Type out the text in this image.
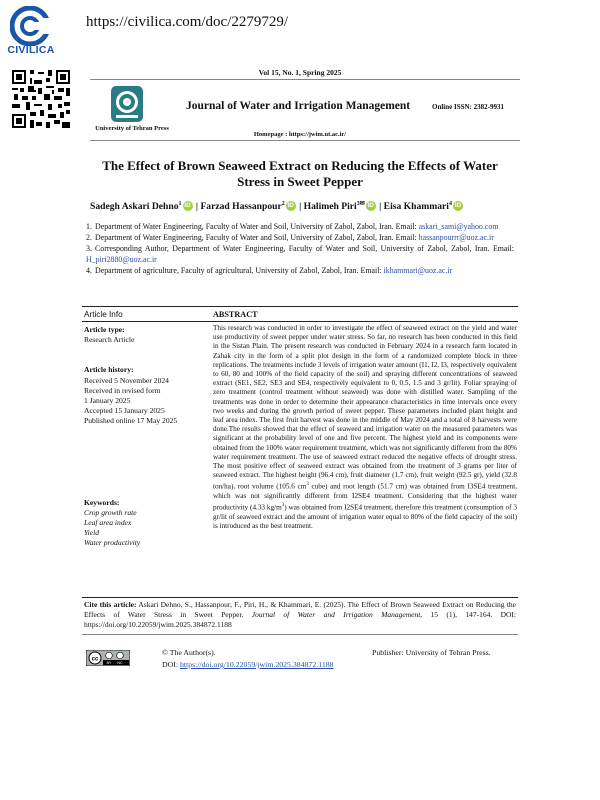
CIVILICA
https://civilica.com/doc/2279729/
Vol 15, No. 1, Spring 2025
University of Tehran Press
Journal of Water and Irrigation Management	Online ISSN: 2382-9931
Homepage : https://jwim.ut.ac.ir/
The Effect of Brown Seaweed Extract on Reducing the Effects of Water Stress in Sweet Pepper
Sadegh Askari Dehno$^1$ iD | Farzad Hassanpour$^2$ iD | Halimeh Piri$^{3✉}$ iD | Eisa Khammari$^4$ iD
1. Department of Water Engineering, Faculty of Water and Soil, University of Zabol, Zabol, Iran. Email: askari_sami@yahoo.com
2. Department of Water Engineering, Faculty of Water and Soil, University of Zabol, Zabol, Iran. Email: hassanpourrr@uoz.ac.ir
3. Corresponding Author, Department of Water Engineering, Faculty of Water and Soil, University of Zabol, Zabol, Iran. Email: H_piri2880@uoz.ac.ir
4. Department of agriculture, Faculty of agricultural, University of Zabol, Zabol, Iran. Email: ikhammari@uoz.ac.ir
Article Info	ABSTRACT
Article type:
Research Article
Article history:
Received 5 November 2024
Received in revised form
1 January 2025
Accepted 15 January 2025
Published online 17 May 2025
Keywords:
Crop growth rate
Leaf area index
Yield
Water productivity
This research was conducted in order to investigate the effect of seaweed extract on the yield and water use productivity of sweet pepper under water stress. So far, no research has been conducted in this field in the Sistan Plain. The present research was conducted in February 2024 in a research farm located in Zahak city in the form of a split plot design in the form of a randomized complete block in three replications. The treatments include 3 levels of irrigation water amount (I1, I2, I3, respectively equivalent to 60, 80 and 100% of the field capacity of the soil) and spraying different concentrations of seaweed extract (SE1, SE2, SE3 and SE4, respectively equivalent to 0, 0.5, 1.5 and 3 gr/lit). Foliar spraying of zero treatment (control treatment without seaweed) was done with distilled water. Sampling of the treatments was done in order to determine their appearance characteristics in time intervals once every two weeks and during the growth period of sweet pepper. These parameters included plant height and leaf area index. The first fruit harvest was done in the middle of May 2024 and a total of 8 harvests were done.The results showed that the effect of seaweed and irrigation water on the measured parameters was significant at the probability level of one and five percent. The highest yield and its components were obtained from the 100% water requirement treatment, which was not significantly different from the 80% water requirement treatment. The use of seaweed extract reduced the negative effects of drought stress. The most positive effect of seaweed extract was obtained from the treatment of 3 grams per liter of seaweed extract. The highest height (96.4 cm), fruit diameter (1.7 cm), fruit weight (92.5 gr), yield (32.8 ton/ha), root volume (105.6 $cm^3$ cube) and root length (51.7 cm) was obtained from I3SE4 treatment, which was not significantly different from I2SE4 treatment. Considering that the highest water productivity (4.33 $kg/m^3$) was obtained from I2SE4 treatment, therefore this treatment (consumption of 3 gr/lit of seaweed extract and the amount of irrigation water equal to 80% of the field capacity of the soil) is introduced as the best treatment.
Cite this article: Askari Dehno, S., Hassanpour, F., Piri, H., & Khammari, E. (2025). The Effect of Brown Seaweed Extract on Reducing the Effects of Water Stress in Sweet Pepper. Journal of Water and Irrigation Management, 15 (1), 147-164. DOI: https://doi.org/10.22059/jwim.2025.384872.1188
cc
BY NC
© The Author(s).	Publisher: University of Tehran Press.
DOI: https://doi.org/10.22059/jwim.2025.384872.1188
